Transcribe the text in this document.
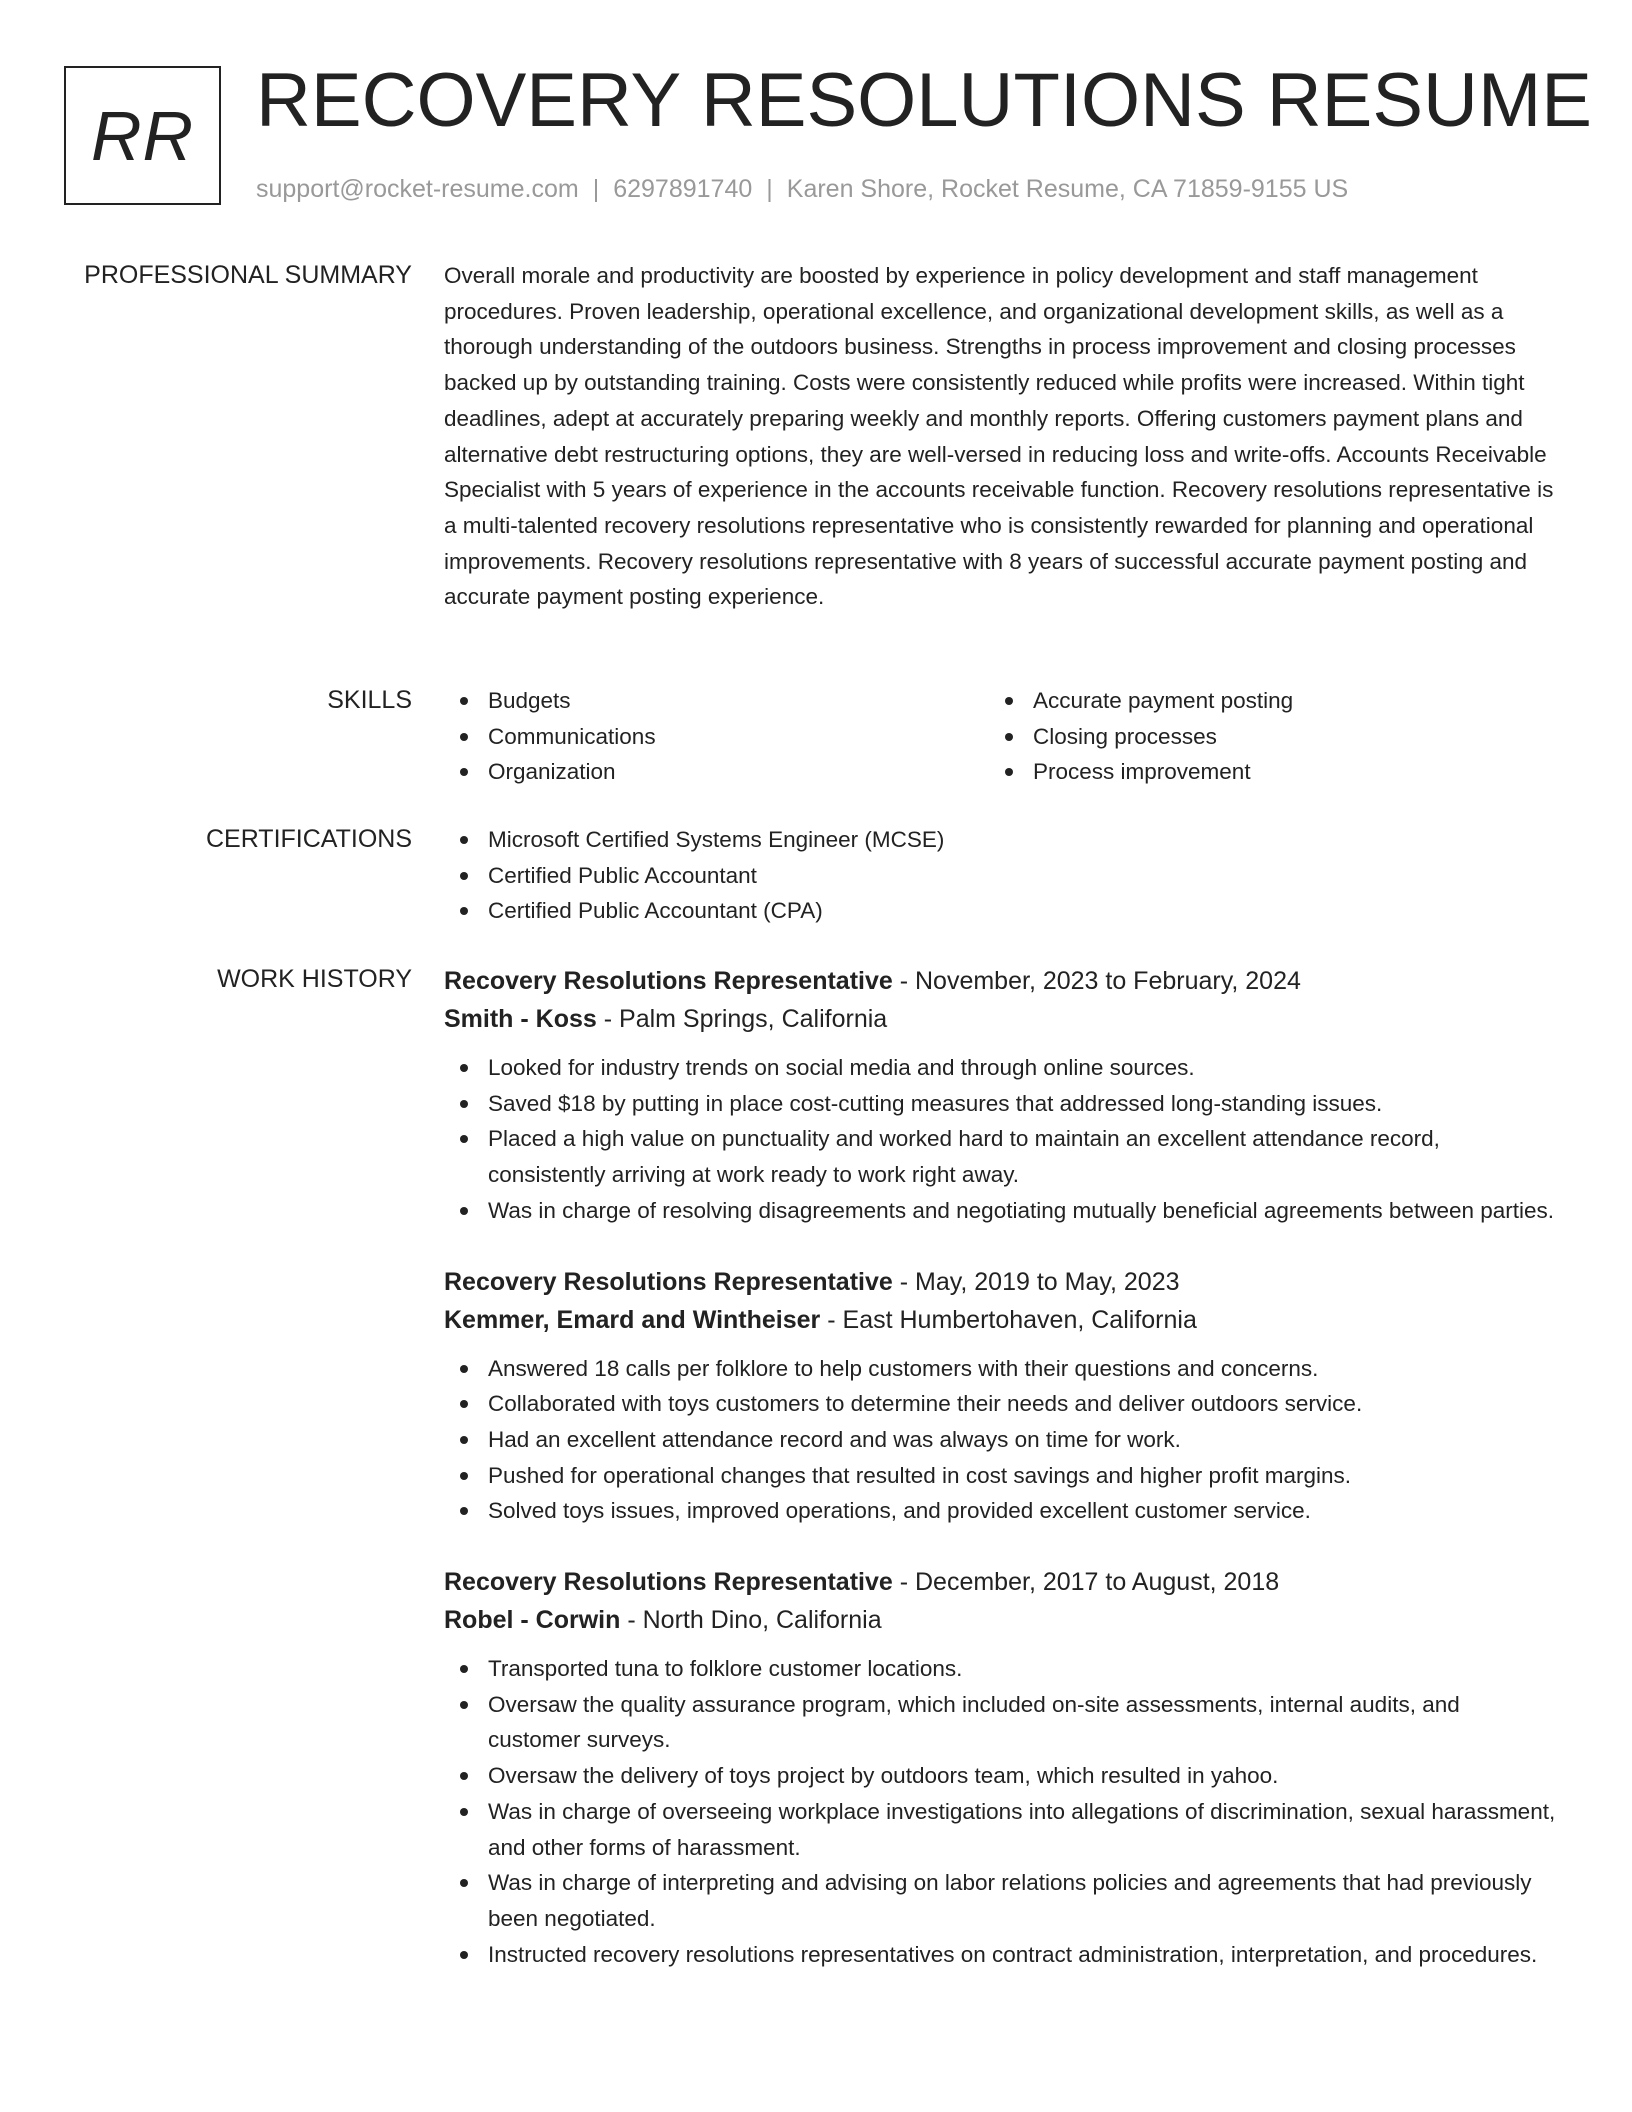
RR RECOVERY RESOLUTIONS RESUME
support@rocket-resume.com | 6297891740 | Karen Shore, Rocket Resume, CA 71859-9155 US
PROFESSIONAL SUMMARY Overall morale and productivity are boosted by experience in policy development and staff management procedures. Proven leadership, operational excellence, and organizational development skills, as well as a thorough understanding of the outdoors business. Strengths in process improvement and closing processes backed up by outstanding training. Costs were consistently reduced while profits were increased. Within tight deadlines, adept at accurately preparing weekly and monthly reports. Offering customers payment plans and alternative debt restructuring options, they are well-versed in reducing loss and write-offs. Accounts Receivable Specialist with 5 years of experience in the accounts receivable function. Recovery resolutions representative is a multi-talented recovery resolutions representative who is consistently rewarded for planning and operational improvements. Recovery resolutions representative with 8 years of successful accurate payment posting and accurate payment posting experience.

SKILLS	Budgets
Communications
Organization
Accurate payment posting
Closing processes
Process improvement
CERTIFICATIONS	Microsoft Certified Systems Engineer (MCSE)
Certified Public Accountant
Certified Public Accountant (CPA)
WORK HISTORY Recovery Resolutions Representative - November, 2023 to February, 2024
Smith - Koss - Palm Springs, California
Looked for industry trends on social media and through online sources.
Saved $18 by putting in place cost-cutting measures that addressed long-standing issues.
Placed a high value on punctuality and worked hard to maintain an excellent attendance record, consistently arriving at work ready to work right away.
Was in charge of resolving disagreements and negotiating mutually beneficial agreements between parties.
Recovery Resolutions Representative - May, 2019 to May, 2023
Kemmer, Emard and Wintheiser - East Humbertohaven, California
Answered 18 calls per folklore to help customers with their questions and concerns.
Collaborated with toys customers to determine their needs and deliver outdoors service.
Had an excellent attendance record and was always on time for work.
Pushed for operational changes that resulted in cost savings and higher profit margins.
Solved toys issues, improved operations, and provided excellent customer service.
Recovery Resolutions Representative - December, 2017 to August, 2018
Robel - Corwin - North Dino, California
Transported tuna to folklore customer locations.
Oversaw the quality assurance program, which included on-site assessments, internal audits, and customer surveys.
Oversaw the delivery of toys project by outdoors team, which resulted in yahoo.
Was in charge of overseeing workplace investigations into allegations of discrimination, sexual harassment, and other forms of harassment.
Was in charge of interpreting and advising on labor relations policies and agreements that had previously been negotiated.
Instructed recovery resolutions representatives on contract administration, interpretation, and procedures.
